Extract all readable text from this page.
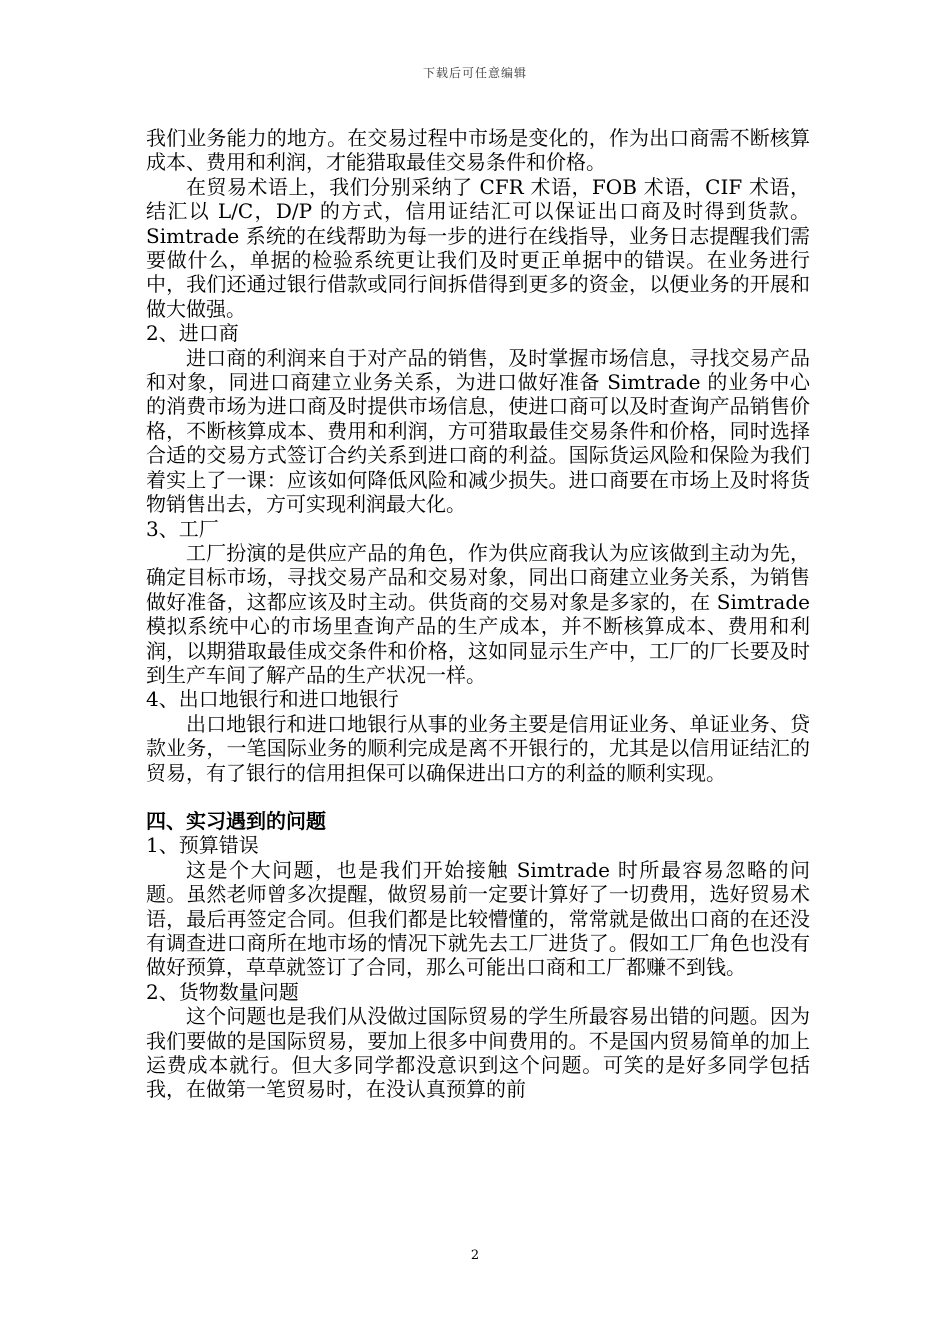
下载后可任意编辑

我们业务能力的地方。在交易过程中市场是变化的，作为出口商需不断核算成本、费用和利润，才能猎取最佳交易条件和价格。

在贸易术语上，我们分别采纳了 CFR 术语，FOB 术语，CIF 术语，结汇以 L/C，D/P 的方式，信用证结汇可以保证出口商及时得到货款。Simtrade 系统的在线帮助为每一步的进行在线指导，业务日志提醒我们需要做什么，单据的检验系统更让我们及时更正单据中的错误。在业务进行中，我们还通过银行借款或同行间拆借得到更多的资金，以便业务的开展和做大做强。

2、进口商

进口商的利润来自于对产品的销售，及时掌握市场信息，寻找交易产品和对象，同进口商建立业务关系，为进口做好准备 Simtrade 的业务中心的消费市场为进口商及时提供市场信息，使进口商可以及时查询产品销售价格，不断核算成本、费用和利润，方可猎取最佳交易条件和价格，同时选择合适的交易方式签订合约关系到进口商的利益。国际货运风险和保险为我们着实上了一课：应该如何降低风险和减少损失。进口商要在市场上及时将货物销售出去，方可实现利润最大化。

3、工厂

工厂扮演的是供应产品的角色，作为供应商我认为应该做到主动为先，确定目标市场，寻找交易产品和交易对象，同出口商建立业务关系，为销售做好准备，这都应该及时主动。供货商的交易对象是多家的，在 Simtrade 模拟系统中心的市场里查询产品的生产成本，并不断核算成本、费用和利润，以期猎取最佳成交条件和价格，这如同显示生产中，工厂的厂长要及时到生产车间了解产品的生产状况一样。

4、出口地银行和进口地银行

出口地银行和进口地银行从事的业务主要是信用证业务、单证业务、贷款业务，一笔国际业务的顺利完成是离不开银行的，尤其是以信用证结汇的贸易，有了银行的信用担保可以确保进出口方的利益的顺利实现。

四、实习遇到的问题

1、预算错误

这是个大问题，也是我们开始接触 Simtrade 时所最容易忽略的问题。虽然老师曾多次提醒，做贸易前一定要计算好了一切费用，选好贸易术语，最后再签定合同。但我们都是比较懵懂的，常常就是做出口商的在还没有调查进口商所在地市场的情况下就先去工厂进货了。假如工厂角色也没有做好预算，草草就签订了合同，那么可能出口商和工厂都赚不到钱。

2、货物数量问题

这个问题也是我们从没做过国际贸易的学生所最容易出错的问题。因为我们要做的是国际贸易，要加上很多中间费用的。不是国内贸易简单的加上运费成本就行。但大多同学都没意识到这个问题。可笑的是好多同学包括我，在做第一笔贸易时，在没认真预算的前

2
